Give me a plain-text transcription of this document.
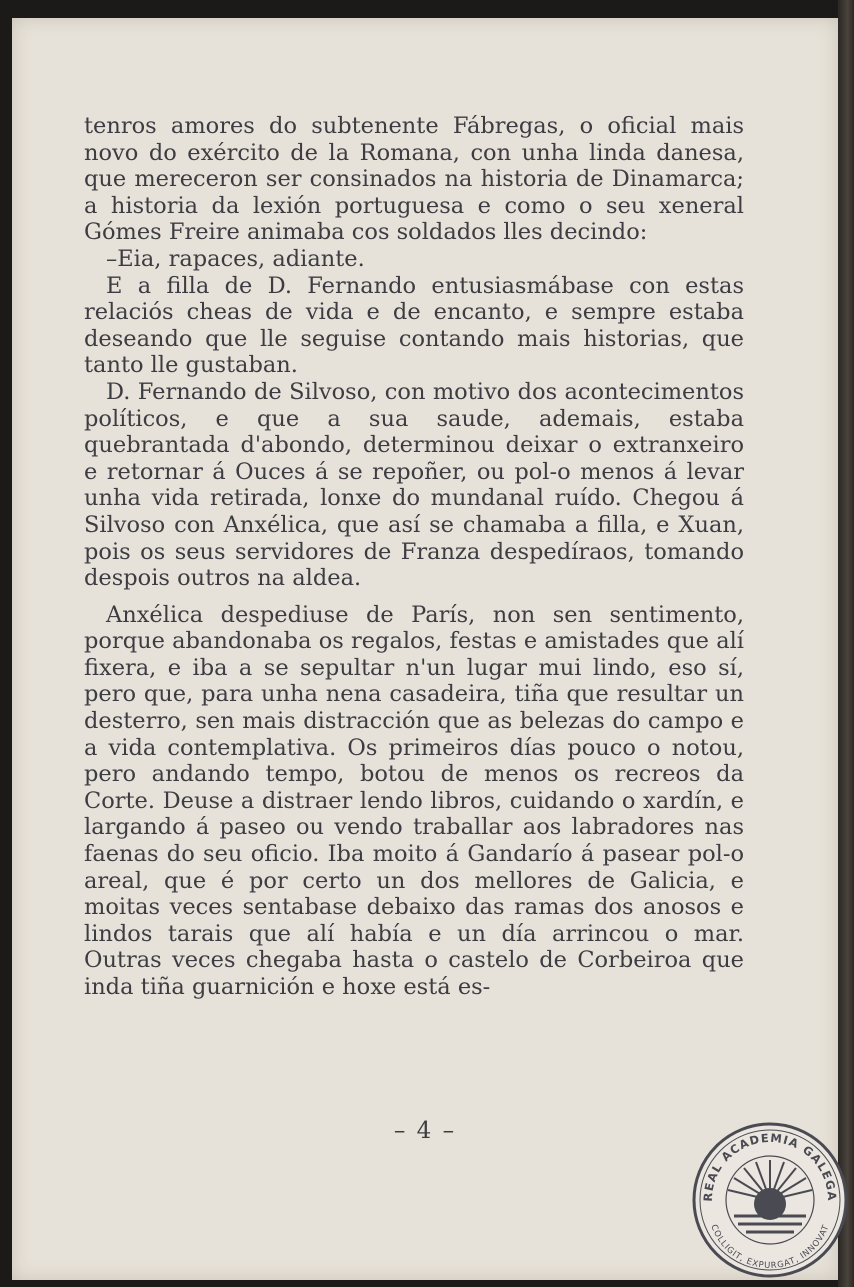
tenros amores do subtenente Fábregas, o oficial mais novo do exército de la Romana, con unha linda danesa, que mereceron ser consinados na historia de Dinamarca; a historia da lexión portuguesa e como o seu xeneral Gómes Freire animaba cos soldados lles decindo:

–Eia, rapaces, adiante.

E a filla de D. Fernando entusiasmábase con estas relaciós cheas de vida e de encanto, e sempre estaba deseando que lle seguise contando mais historias, que tanto lle gustaban.

D. Fernando de Silvoso, con motivo dos acontecimentos políticos, e que a sua saude, ademais, estaba quebrantada d'abondo, determinou deixar o extranxeiro e retornar á Ouces á se repoñer, ou pol-o menos á levar unha vida retirada, lonxe do mundanal ruído. Chegou á Silvoso con Anxélica, que así se chamaba a filla, e Xuan, pois os seus servidores de Franza despedíraos, tomando despois outros na aldea.

Anxélica despediuse de París, non sen sentimento, porque abandonaba os regalos, festas e amistades que alí fixera, e iba a se sepultar n'un lugar mui lindo, eso sí, pero que, para unha nena casadeira, tiña que resultar un desterro, sen mais distracción que as belezas do campo e a vida contemplativa. Os primeiros días pouco o notou, pero andando tempo, botou de menos os recreos da Corte. Deuse a distraer lendo libros, cuidando o xardín, e largando á paseo ou vendo traballar aos labradores nas faenas do seu oficio. Iba moito á Gandarío á pasear pol-o areal, que é por certo un dos mellores de Galicia, e moitas veces sentabase debaixo das ramas dos anosos e lindos tarais que alí había e un día arrincou o mar. Outras veces chegaba hasta o castelo de Corbeiroa que inda tiña guarnición e hoxe está es-

– 4 –
REAL ACADEMIA GALEGA
COLLIGIT, EXPURGAT, INNOVAT
